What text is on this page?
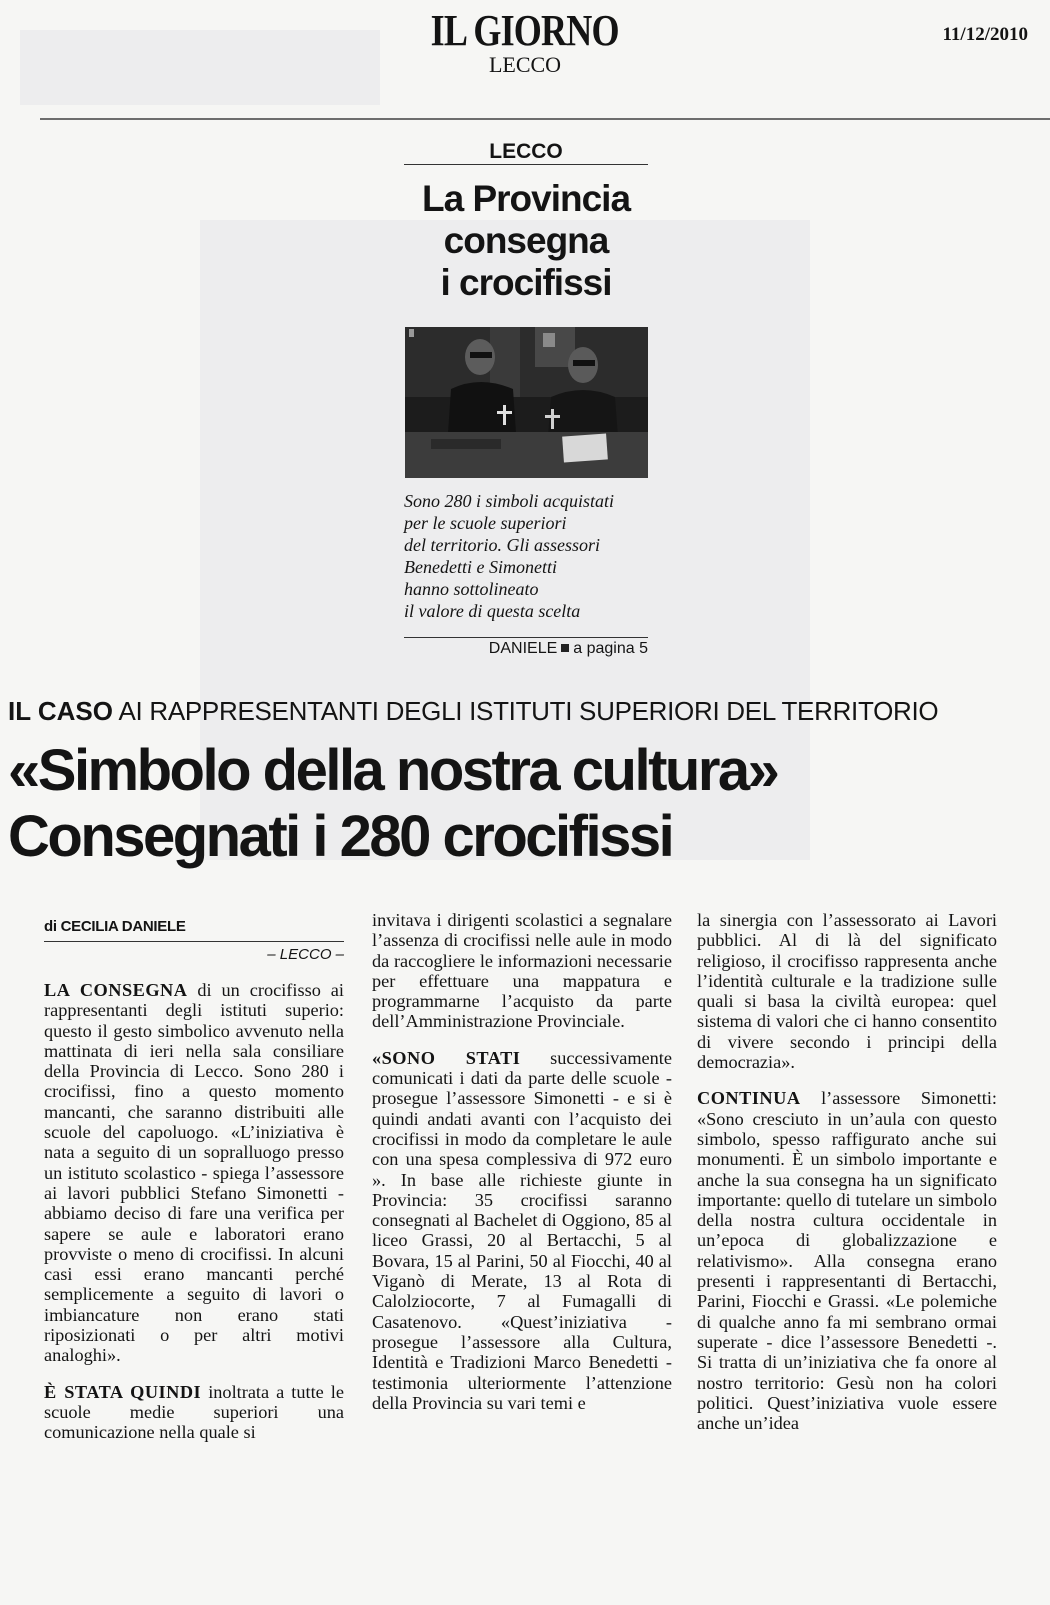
IL GIORNO
LECCO
11/12/2010
LECCO
La Provincia
consegna
i crocifissi
Sono 280 i simboli acquistati
per le scuole superiori
del territorio. Gli assessori
Benedetti e Simonetti
hanno sottolineato
il valore di questa scelta
DANIELE a pagina 5
IL CASO AI RAPPRESENTANTI DEGLI ISTITUTI SUPERIORI DEL TERRITORIO
«Simbolo della nostra cultura»
Consegnati i 280 crocifissi
di CECILIA DANIELE
– LECCO –

LA CONSEGNA di un crocifisso ai rappresentanti degli istituti superio: questo il gesto simbolico avvenuto nella mattinata di ieri nella sala consiliare della Provincia di Lecco. Sono 280 i crocifissi, fino a questo momento mancanti, che saranno distribuiti alle scuole del capoluogo. «L’iniziativa è nata a seguito di un sopralluogo presso un istituto scolastico - spiega l’assessore ai lavori pubblici Stefano Simonetti - abbiamo deciso di fare una verifica per sapere se aule e laboratori erano provviste o meno di crocifissi. In alcuni casi essi erano mancanti perché semplicemente a seguito di lavori o imbiancature non erano stati riposizionati o per altri motivi analoghi».

È STATA QUINDI inoltrata a tutte le scuole medie superiori una comunicazione nella quale si

invitava i dirigenti scolastici a segnalare l’assenza di crocifissi nelle aule in modo da raccogliere le informazioni necessarie per effettuare una mappatura e programmarne l’acquisto da parte dell’Amministrazione Provinciale.

«SONO STATI successivamente comunicati i dati da parte delle scuole - prosegue l’assessore Simonetti - e si è quindi andati avanti con l’acquisto dei crocifissi in modo da completare le aule con una spesa complessiva di 972 euro ». In base alle richieste giunte in Provincia: 35 crocifissi saranno consegnati al Bachelet di Oggiono, 85 al liceo Grassi, 20 al Bertacchi, 5 al Bovara, 15 al Parini, 50 al Fiocchi, 40 al Viganò di Merate, 13 al Rota di Calolziocorte, 7 al Fumagalli di Casatenovo. «Quest’iniziativa - prosegue l’assessore alla Cultura, Identità e Tradizioni Marco Benedetti - testimonia ulteriormente l’attenzione della Provincia su vari temi e

la sinergia con l’assessorato ai Lavori pubblici. Al di là del significato religioso, il crocifisso rappresenta anche l’identità culturale e la tradizione sulle quali si basa la civiltà europea: quel sistema di valori che ci hanno consentito di vivere secondo i principi della democrazia».

CONTINUA l’assessore Simonetti: «Sono cresciuto in un’aula con questo simbolo, spesso raffigurato anche sui monumenti. È un simbolo importante e anche la sua consegna ha un significato importante: quello di tutelare un simbolo della nostra cultura occidentale in un’epoca di globalizzazione e relativismo». Alla consegna erano presenti i rappresentanti di Bertacchi, Parini, Fiocchi e Grassi. «Le polemiche di qualche anno fa mi sembrano ormai superate - dice l’assessore Benedetti -. Si tratta di un’iniziativa che fa onore al nostro territorio: Gesù non ha colori politici. Quest’iniziativa vuole essere anche un’idea
